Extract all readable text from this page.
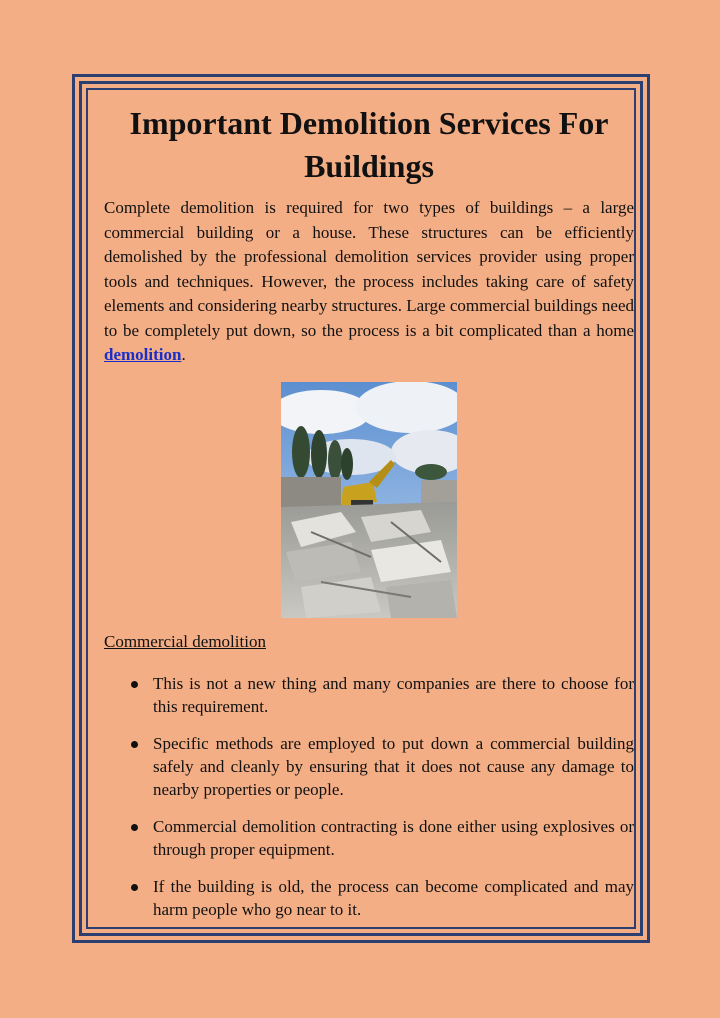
Important Demolition Services For Buildings

Complete demolition is required for two types of buildings – a large commercial building or a house. These structures can be efficiently demolished by the professional demolition services provider using proper tools and techniques. However, the process includes taking care of safety elements and considering nearby structures. Large commercial buildings need to be completely put down, so the process is a bit complicated than a home demolition.

Commercial demolition

This is not a new thing and many companies are there to choose for this requirement.
Specific methods are employed to put down a commercial building safely and cleanly by ensuring that it does not cause any damage to nearby properties or people.
Commercial demolition contracting is done either using explosives or through proper equipment.
If the building is old, the process can become complicated and may harm people who go near to it.
